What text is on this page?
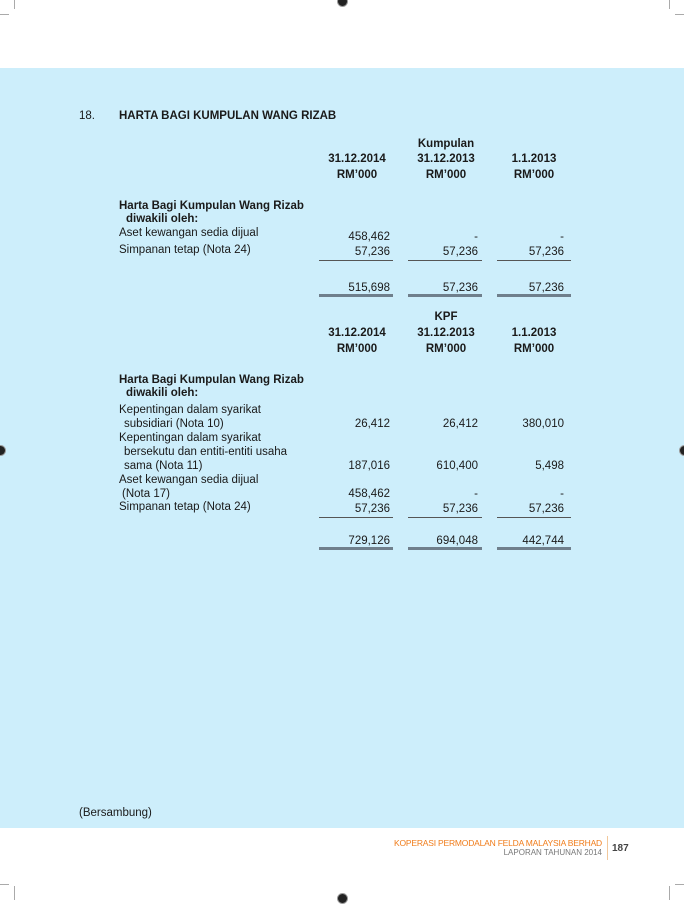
18. HARTA BAGI KUMPULAN WANG RIZAB
Kumpulan
31.12.2014	31.12.2013	1.1.2013
RM’000	RM’000	RM’000
Harta Bagi Kumpulan Wang Rizab
diwakili oleh:
Aset kewangan sedia dijual	458,462	-	-
Simpanan tetap (Nota 24)	57,236	57,236	57,236
515,698	57,236	57,236
KPF
31.12.2014	31.12.2013	1.1.2013
RM’000	RM’000	RM’000
Harta Bagi Kumpulan Wang Rizab
diwakili oleh:
Kepentingan dalam syarikat
subsidiari (Nota 10)	26,412	26,412	380,010
Kepentingan dalam syarikat
bersekutu dan entiti-entiti usaha
sama (Nota 11)	187,016	610,400	5,498
Aset kewangan sedia dijual
(Nota 17)	458,462	-	-
Simpanan tetap (Nota 24)	57,236	57,236	57,236
729,126	694,048	442,744
(Bersambung)
KOPERASI PERMODALAN FELDA MALAYSIA BERHAD
LAPORAN TAHUNAN 2014 187
